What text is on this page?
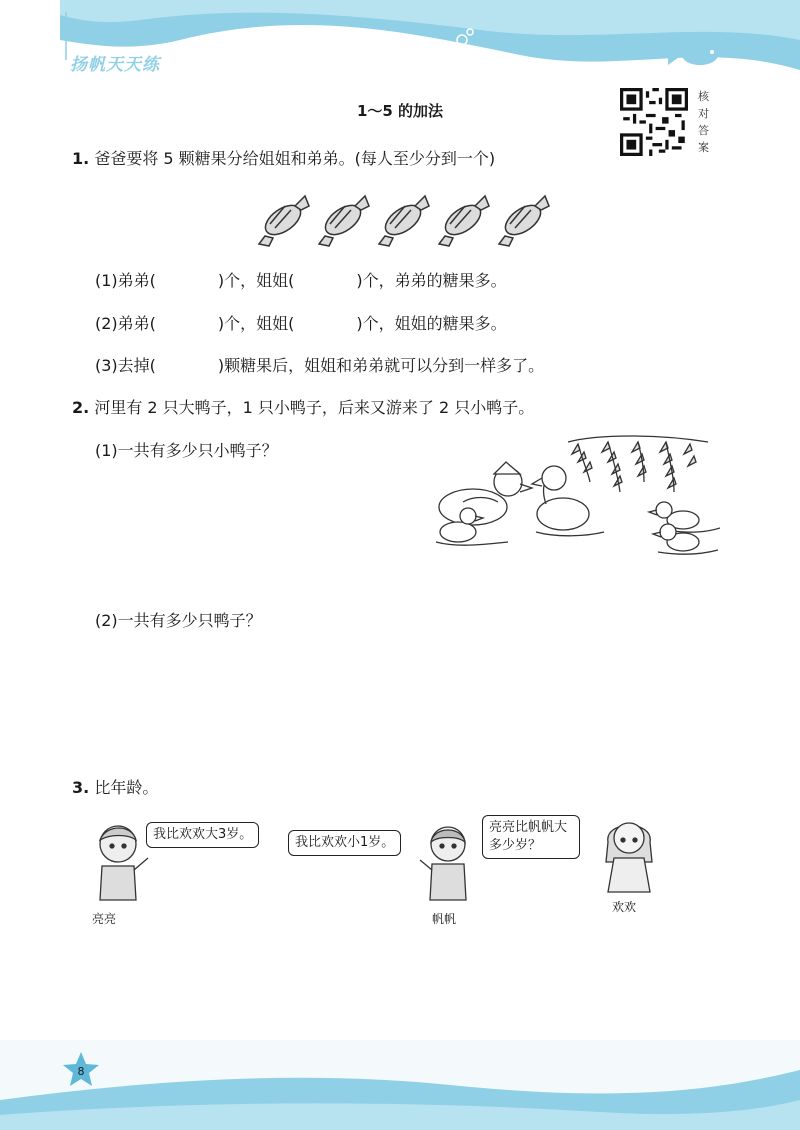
扬帆天天练
1～5 的加法
核
对
答
案
1. 爸爸要将 5 颗糖果分给姐姐和弟弟。(每人至少分到一个)
(1)弟弟(	)个，姐姐(	)个，弟弟的糖果多。
(2)弟弟(	)个，姐姐(	)个，姐姐的糖果多。
(3)去掉(	)颗糖果后，姐姐和弟弟就可以分到一样多了。
2. 河里有 2 只大鸭子，1 只小鸭子，后来又游来了 2 只小鸭子。
(1)一共有多少只小鸭子？
(2)一共有多少只鸭子？
3. 比年龄。
我比欢欢大3岁。
亮亮
我比欢欢小1岁。
帆帆
亮亮比帆帆大多少岁？
欢欢
8
